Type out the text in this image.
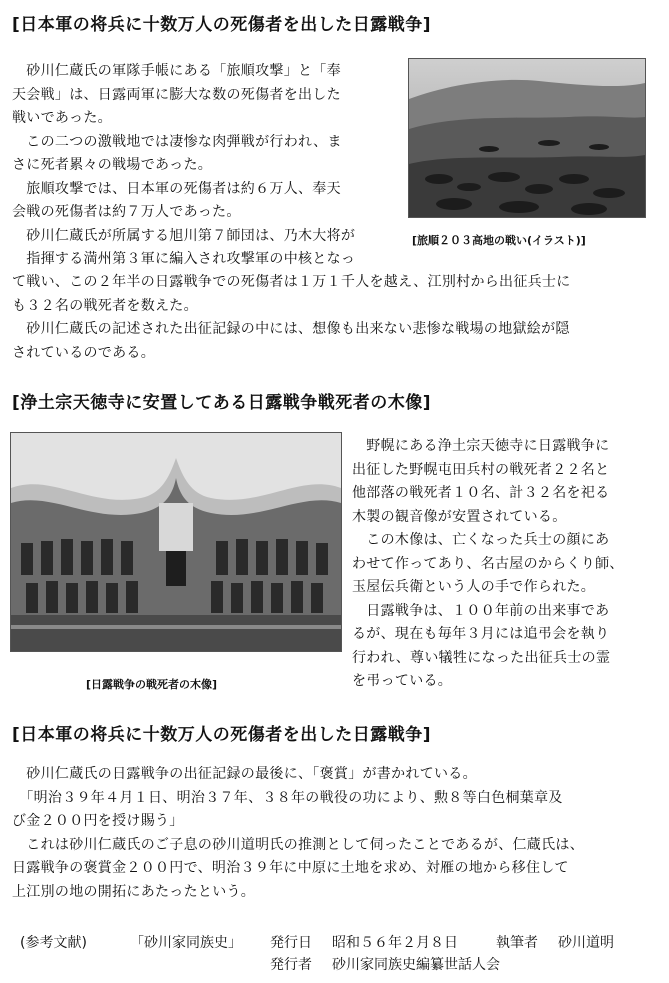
[日本軍の将兵に十数万人の死傷者を出した日露戦争]

　砂川仁蔵氏の軍隊手帳にある「旅順攻撃」と「奉

天会戦」は、日露両軍に膨大な数の死傷者を出した

戦いであった。

　この二つの激戦地では凄惨な肉弾戦が行われ、ま

さに死者累々の戦場であった。

　旅順攻撃では、日本軍の死傷者は約６万人、奉天

会戦の死傷者は約７万人であった。

　砂川仁蔵氏が所属する旭川第７師団は、乃木大将が

　指揮する満州第３軍に編入され攻撃軍の中核となっ

[旅順２０３高地の戦い(イラスト)]

て戦い、この２年半の日露戦争での死傷者は１万１千人を越え、江別村から出征兵士に

も３２名の戦死者を数えた。

　砂川仁蔵氏の記述された出征記録の中には、想像も出来ない悲惨な戦場の地獄絵が隠

されているのである。

[浄土宗天徳寺に安置してある日露戦争戦死者の木像]
[日露戦争の戦死者の木像]

　野幌にある浄土宗天徳寺に日露戦争に

出征した野幌屯田兵村の戦死者２２名と

他部落の戦死者１０名、計３２名を祀る

木製の観音像が安置されている。

　この木像は、亡くなった兵士の顔にあ

わせて作ってあり、名古屋のからくり師、

玉屋伝兵衛という人の手で作られた。

　日露戦争は、１００年前の出来事であ

るが、現在も毎年３月には追弔会を執り

行われ、尊い犠牲になった出征兵士の霊

を弔っている。

[日本軍の将兵に十数万人の死傷者を出した日露戦争]

　砂川仁蔵氏の日露戦争の出征記録の最後に、「褒賞」が書かれている。

　「明治３９年４月１日、明治３７年、３８年の戦役の功により、勲８等白色桐葉章及

び金２００円を授け賜う」

　これは砂川仁蔵氏のご子息の砂川道明氏の推測として伺ったことであるが、仁蔵氏は、

日露戦争の褒賞金２００円で、明治３９年に中原に土地を求め、対雁の地から移住して

上江別の地の開拓にあたったという。

(参考文献)	「砂川家同族史」 発行日 昭和５６年２月８日	執筆者 砂川道明
発行者 砂川家同族史編纂世話人会
